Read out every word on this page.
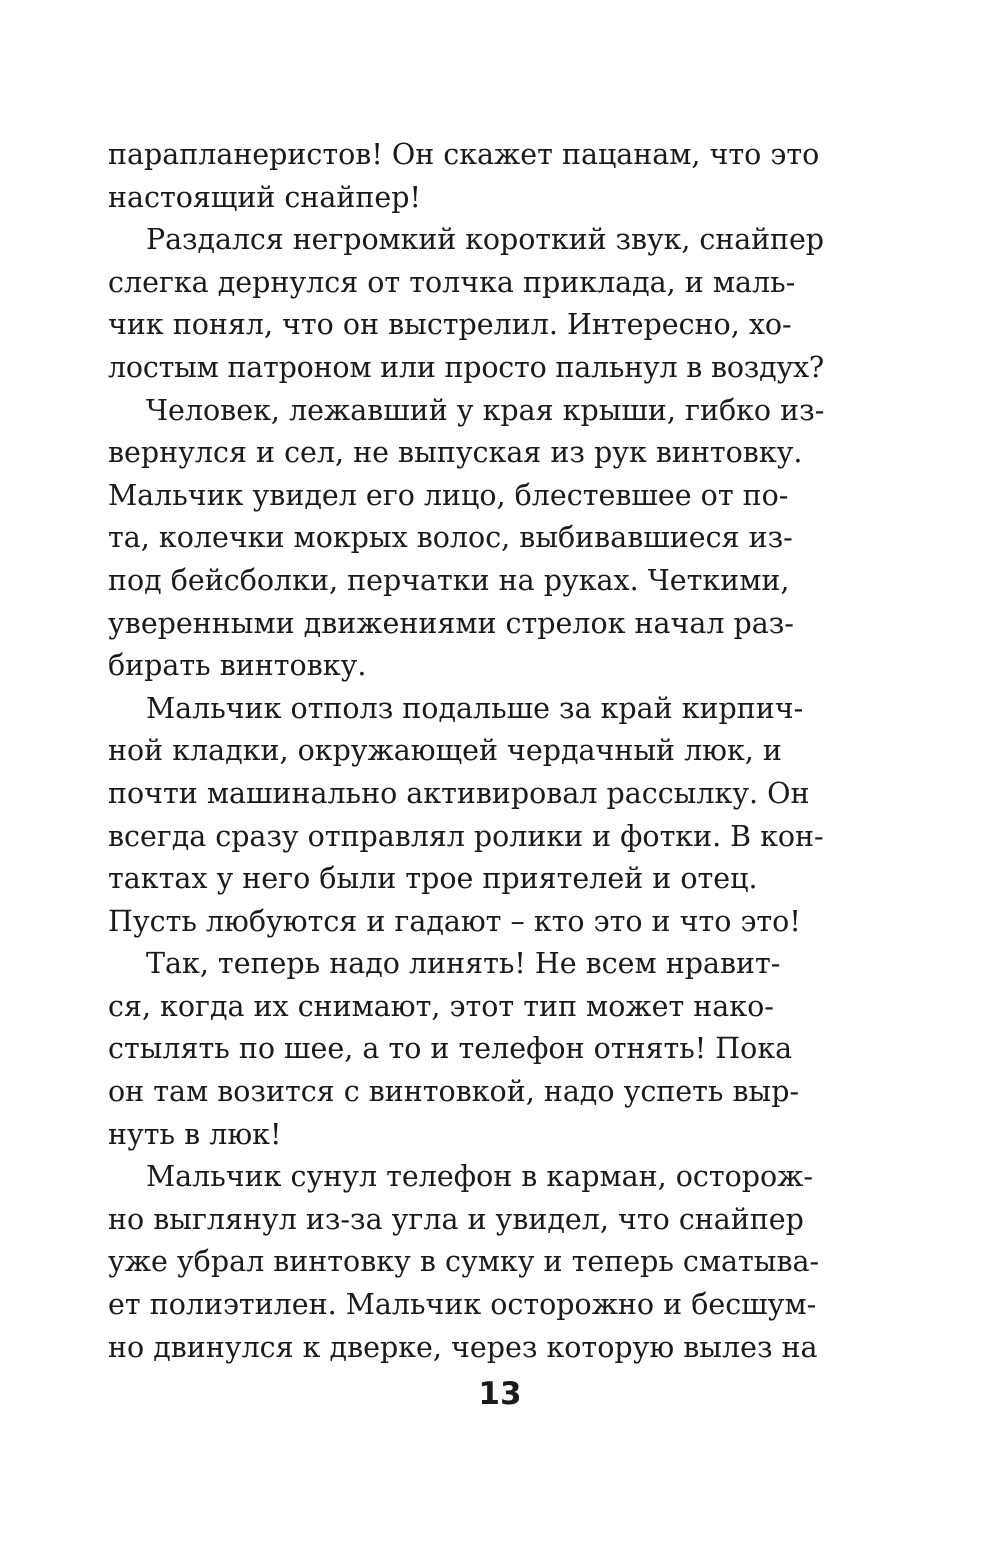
парапланеристов! Он скажет пацанам, что это
настоящий снайпер!
Раздался негромкий короткий звук, снайпер
слегка дернулся от толчка приклада, и маль-
чик понял, что он выстрелил. Интересно, хо-
лостым патроном или просто пальнул в воздух?
Человек, лежавший у края крыши, гибко из-
вернулся и сел, не выпуская из рук винтовку.
Мальчик увидел его лицо, блестевшее от по-
та, колечки мокрых волос, выбивавшиеся из-
под бейсболки, перчатки на руках. Четкими,
уверенными движениями стрелок начал раз-
бирать винтовку.
Мальчик отполз подальше за край кирпич-
ной кладки, окружающей чердачный люк, и
почти машинально активировал рассылку. Он
всегда сразу отправлял ролики и фотки. В кон-
тактах у него были трое приятелей и отец.
Пусть любуются и гадают – кто это и что это!
Так, теперь надо линять! Не всем нравит-
ся, когда их снимают, этот тип может нако-
стылять по шее, а то и телефон отнять! Пока
он там возится с винтовкой, надо успеть выр-
нуть в люк!
Мальчик сунул телефон в карман, осторож-
но выглянул из-за угла и увидел, что снайпер
уже убрал винтовку в сумку и теперь сматыва-
ет полиэтилен. Мальчик осторожно и бесшум-
но двинулся к дверке, через которую вылез на
13
